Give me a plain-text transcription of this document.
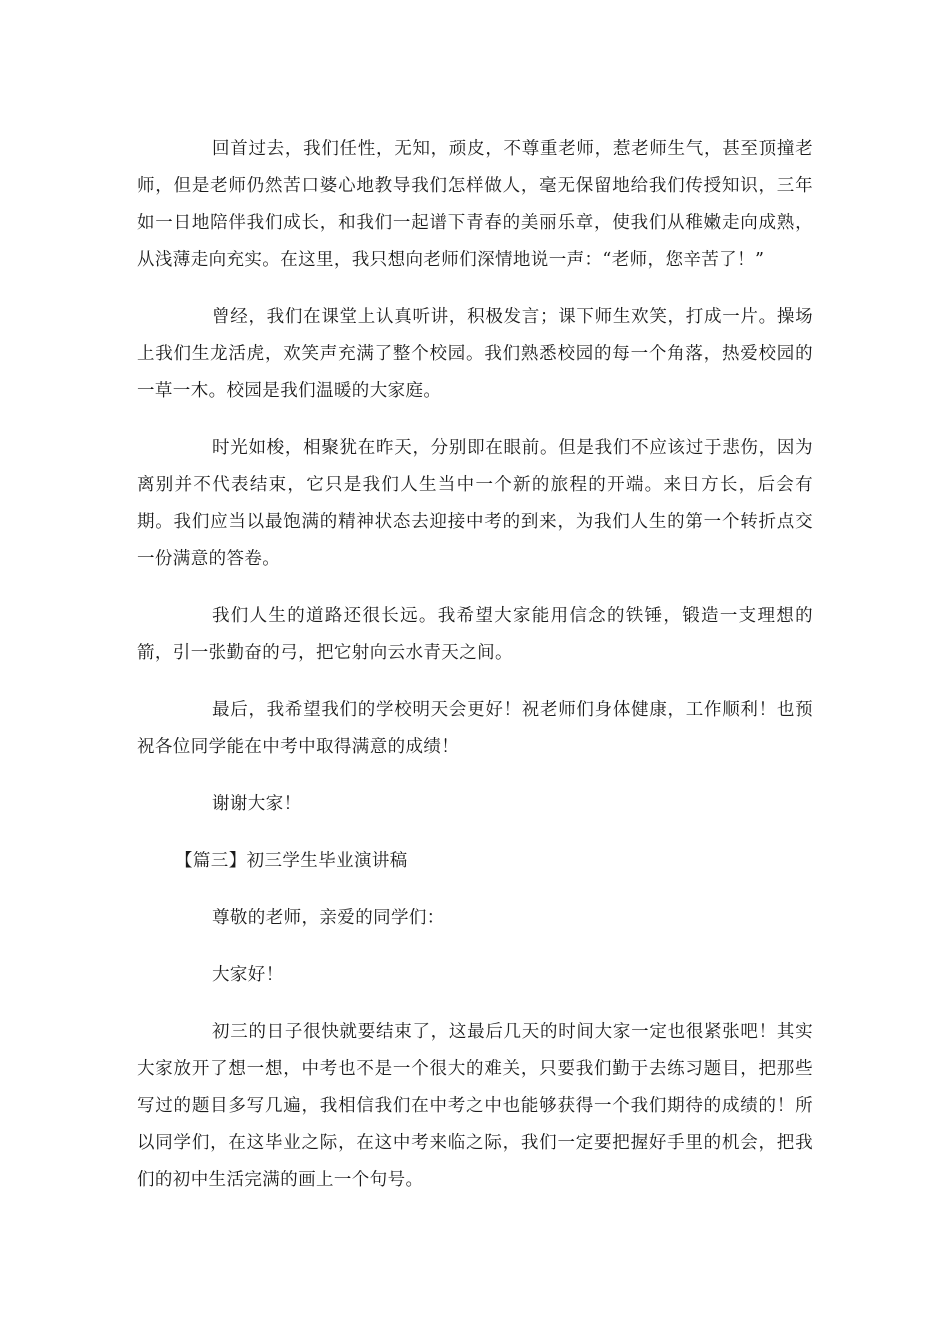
回首过去，我们任性，无知，顽皮，不尊重老师，惹老师生气，甚至顶撞老师，但是老师仍然苦口婆心地教导我们怎样做人，毫无保留地给我们传授知识，三年如一日地陪伴我们成长，和我们一起谱下青春的美丽乐章，使我们从稚嫩走向成熟，从浅薄走向充实。在这里，我只想向老师们深情地说一声：“老师，您辛苦了！”

曾经，我们在课堂上认真听讲，积极发言；课下师生欢笑，打成一片。操场上我们生龙活虎，欢笑声充满了整个校园。我们熟悉校园的每一个角落，热爱校园的一草一木。校园是我们温暖的大家庭。

时光如梭，相聚犹在昨天，分别即在眼前。但是我们不应该过于悲伤，因为离别并不代表结束，它只是我们人生当中一个新的旅程的开端。来日方长，后会有期。我们应当以最饱满的精神状态去迎接中考的到来，为我们人生的第一个转折点交一份满意的答卷。

我们人生的道路还很长远。我希望大家能用信念的铁锤，锻造一支理想的箭，引一张勤奋的弓，把它射向云水青天之间。

最后，我希望我们的学校明天会更好！祝老师们身体健康，工作顺利！也预祝各位同学能在中考中取得满意的成绩！

谢谢大家！

【篇三】初三学生毕业演讲稿

尊敬的老师，亲爱的同学们：

大家好！

初三的日子很快就要结束了，这最后几天的时间大家一定也很紧张吧！其实大家放开了想一想，中考也不是一个很大的难关，只要我们勤于去练习题目，把那些写过的题目多写几遍，我相信我们在中考之中也能够获得一个我们期待的成绩的！所以同学们，在这毕业之际，在这中考来临之际，我们一定要把握好手里的机会，把我们的初中生活完满的画上一个句号。
